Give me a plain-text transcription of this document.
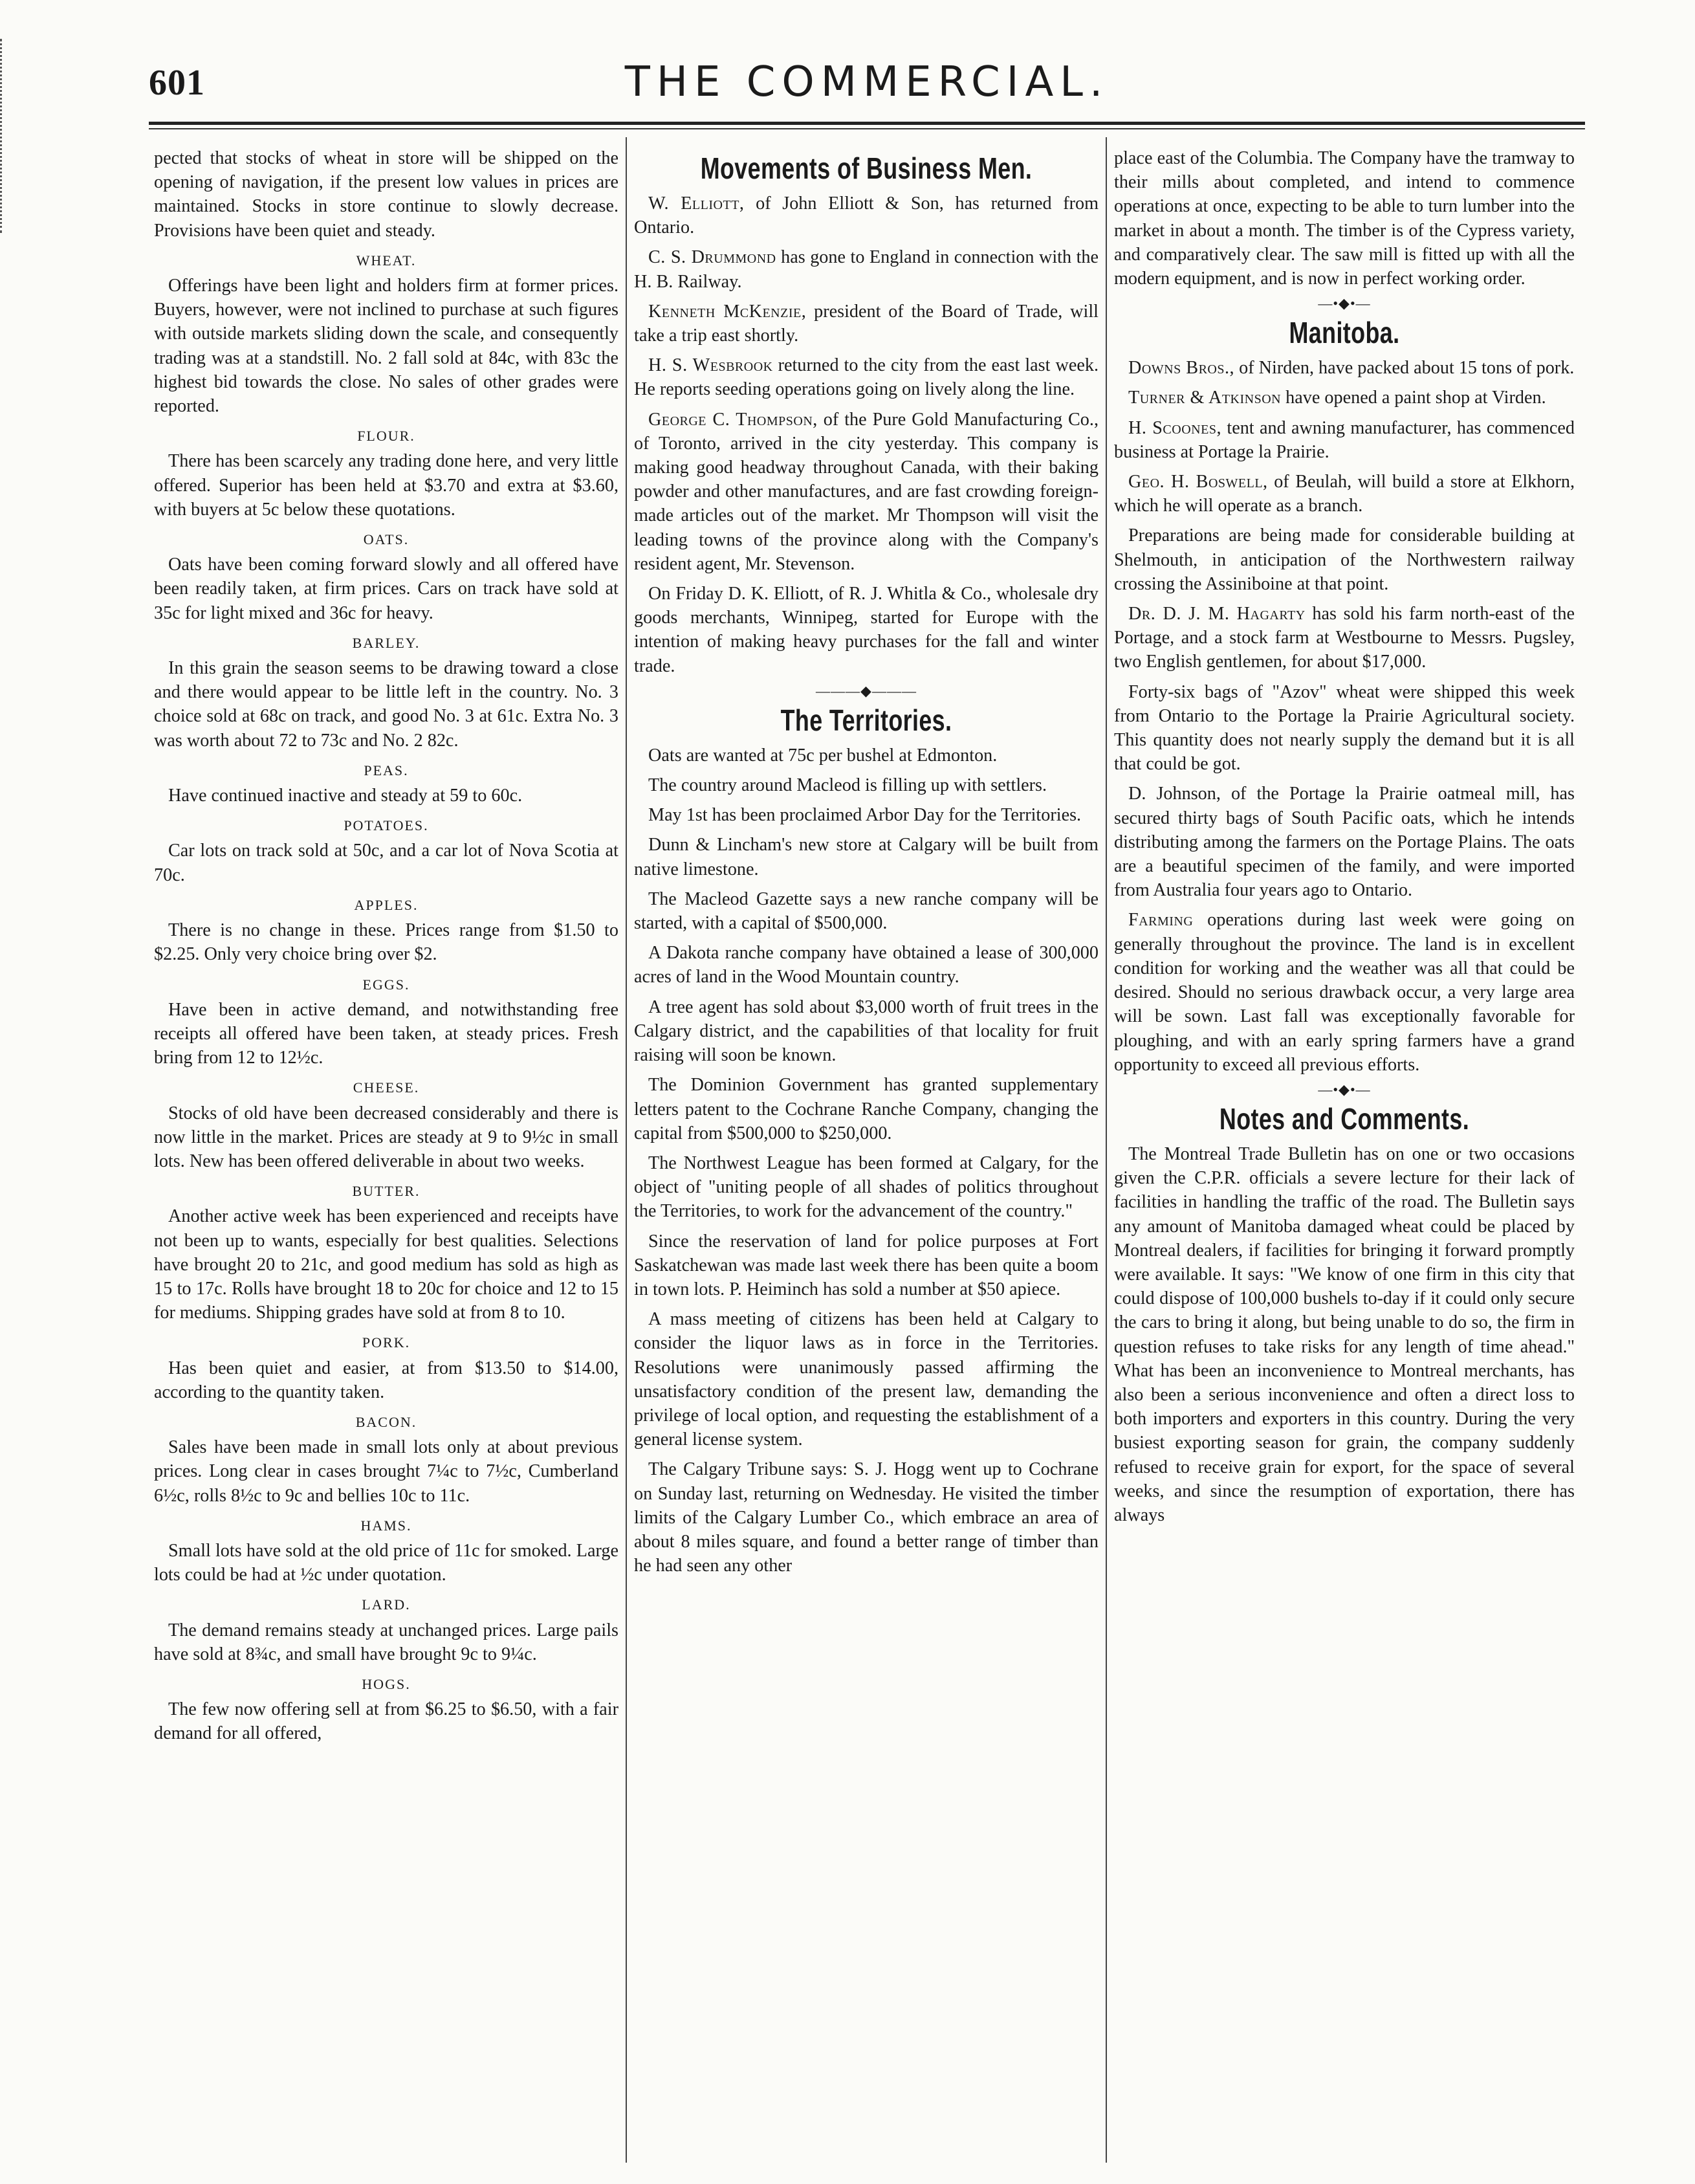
601	THE COMMERCIAL.

pected that stocks of wheat in store will be shipped on the opening of navigation, if the present low values in prices are maintained. Stocks in store continue to slowly decrease. Provisions have been quiet and steady.

WHEAT.

Offerings have been light and holders firm at former prices. Buyers, however, were not inclined to purchase at such figures with outside markets sliding down the scale, and consequently trading was at a standstill. No. 2 fall sold at 84c, with 83c the highest bid towards the close. No sales of other grades were reported.

FLOUR.

There has been scarcely any trading done here, and very little offered. Superior has been held at $3.70 and extra at $3.60, with buyers at 5c below these quotations.

OATS.

Oats have been coming forward slowly and all offered have been readily taken, at firm prices. Cars on track have sold at 35c for light mixed and 36c for heavy.

BARLEY.

In this grain the season seems to be drawing toward a close and there would appear to be little left in the country. No. 3 choice sold at 68c on track, and good No. 3 at 61c. Extra No. 3 was worth about 72 to 73c and No. 2 82c.

PEAS.

Have continued inactive and steady at 59 to 60c.

POTATOES.

Car lots on track sold at 50c, and a car lot of Nova Scotia at 70c.

APPLES.

There is no change in these. Prices range from $1.50 to $2.25. Only very choice bring over $2.

EGGS.

Have been in active demand, and notwithstanding free receipts all offered have been taken, at steady prices. Fresh bring from 12 to 12½c.

CHEESE.

Stocks of old have been decreased considerably and there is now little in the market. Prices are steady at 9 to 9½c in small lots. New has been offered deliverable in about two weeks.

BUTTER.

Another active week has been experienced and receipts have not been up to wants, especially for best qualities. Selections have brought 20 to 21c, and good medium has sold as high as 15 to 17c. Rolls have brought 18 to 20c for choice and 12 to 15 for mediums. Shipping grades have sold at from 8 to 10.

PORK.

Has been quiet and easier, at from $13.50 to $14.00, according to the quantity taken.

BACON.

Sales have been made in small lots only at about previous prices. Long clear in cases brought 7¼c to 7½c, Cumberland 6½c, rolls 8½c to 9c and bellies 10c to 11c.

HAMS.

Small lots have sold at the old price of 11c for smoked. Large lots could be had at ½c under quotation.

LARD.

The demand remains steady at unchanged prices. Large pails have sold at 8¾c, and small have brought 9c to 9¼c.

HOGS.

The few now offering sell at from $6.25 to $6.50, with a fair demand for all offered,

Movements of Business Men.

W. Elliott, of John Elliott & Son, has returned from Ontario.

C. S. Drummond has gone to England in connection with the H. B. Railway.

Kenneth McKenzie, president of the Board of Trade, will take a trip east shortly.

H. S. Wesbrook returned to the city from the east last week. He reports seeding operations going on lively along the line.

George C. Thompson, of the Pure Gold Manufacturing Co., of Toronto, arrived in the city yesterday. This company is making good headway throughout Canada, with their baking powder and other manufactures, and are fast crowding foreign-made articles out of the market. Mr Thompson will visit the leading towns of the province along with the Company's resident agent, Mr. Stevenson.

On Friday D. K. Elliott, of R. J. Whitla & Co., wholesale dry goods merchants, Winnipeg, started for Europe with the intention of making heavy purchases for the fall and winter trade.

———◆———
The Territories.

Oats are wanted at 75c per bushel at Edmonton.

The country around Macleod is filling up with settlers.

May 1st has been proclaimed Arbor Day for the Territories.

Dunn & Lincham's new store at Calgary will be built from native limestone.

The Macleod Gazette says a new ranche company will be started, with a capital of $500,000.

A Dakota ranche company have obtained a lease of 300,000 acres of land in the Wood Mountain country.

A tree agent has sold about $3,000 worth of fruit trees in the Calgary district, and the capabilities of that locality for fruit raising will soon be known.

The Dominion Government has granted supplementary letters patent to the Cochrane Ranche Company, changing the capital from $500,000 to $250,000.

The Northwest League has been formed at Calgary, for the object of "uniting people of all shades of politics throughout the Territories, to work for the advancement of the country."

Since the reservation of land for police purposes at Fort Saskatchewan was made last week there has been quite a boom in town lots. P. Heiminch has sold a number at $50 apiece.

A mass meeting of citizens has been held at Calgary to consider the liquor laws as in force in the Territories. Resolutions were unanimously passed affirming the unsatisfactory condition of the present law, demanding the privilege of local option, and requesting the establishment of a general license system.

The Calgary Tribune says: S. J. Hogg went up to Cochrane on Sunday last, returning on Wednesday. He visited the timber limits of the Calgary Lumber Co., which embrace an area of about 8 miles square, and found a better range of timber than he had seen any other

place east of the Columbia. The Company have the tramway to their mills about completed, and intend to commence operations at once, expecting to be able to turn lumber into the market in about a month. The timber is of the Cypress variety, and comparatively clear. The saw mill is fitted up with all the modern equipment, and is now in perfect working order.

—•◆•—
Manitoba.

Downs Bros., of Nirden, have packed about 15 tons of pork.

Turner & Atkinson have opened a paint shop at Virden.

H. Scoones, tent and awning manufacturer, has commenced business at Portage la Prairie.

Geo. H. Boswell, of Beulah, will build a store at Elkhorn, which he will operate as a branch.

Preparations are being made for considerable building at Shelmouth, in anticipation of the Northwestern railway crossing the Assiniboine at that point.

Dr. D. J. M. Hagarty has sold his farm north-east of the Portage, and a stock farm at Westbourne to Messrs. Pugsley, two English gentlemen, for about $17,000.

Forty-six bags of "Azov" wheat were shipped this week from Ontario to the Portage la Prairie Agricultural society. This quantity does not nearly supply the demand but it is all that could be got.

D. Johnson, of the Portage la Prairie oatmeal mill, has secured thirty bags of South Pacific oats, which he intends distributing among the farmers on the Portage Plains. The oats are a beautiful specimen of the family, and were imported from Australia four years ago to Ontario.

Farming operations during last week were going on generally throughout the province. The land is in excellent condition for working and the weather was all that could be desired. Should no serious drawback occur, a very large area will be sown. Last fall was exceptionally favorable for ploughing, and with an early spring farmers have a grand opportunity to exceed all previous efforts.

—•◆•—
Notes and Comments.

The Montreal Trade Bulletin has on one or two occasions given the C.P.R. officials a severe lecture for their lack of facilities in handling the traffic of the road. The Bulletin says any amount of Manitoba damaged wheat could be placed by Montreal dealers, if facilities for bringing it forward promptly were available. It says: "We know of one firm in this city that could dispose of 100,000 bushels to-day if it could only secure the cars to bring it along, but being unable to do so, the firm in question refuses to take risks for any length of time ahead." What has been an inconvenience to Montreal merchants, has also been a serious inconvenience and often a direct loss to both importers and exporters in this country. During the very busiest exporting season for grain, the company suddenly refused to receive grain for export, for the space of several weeks, and since the resumption of exportation, there has always
